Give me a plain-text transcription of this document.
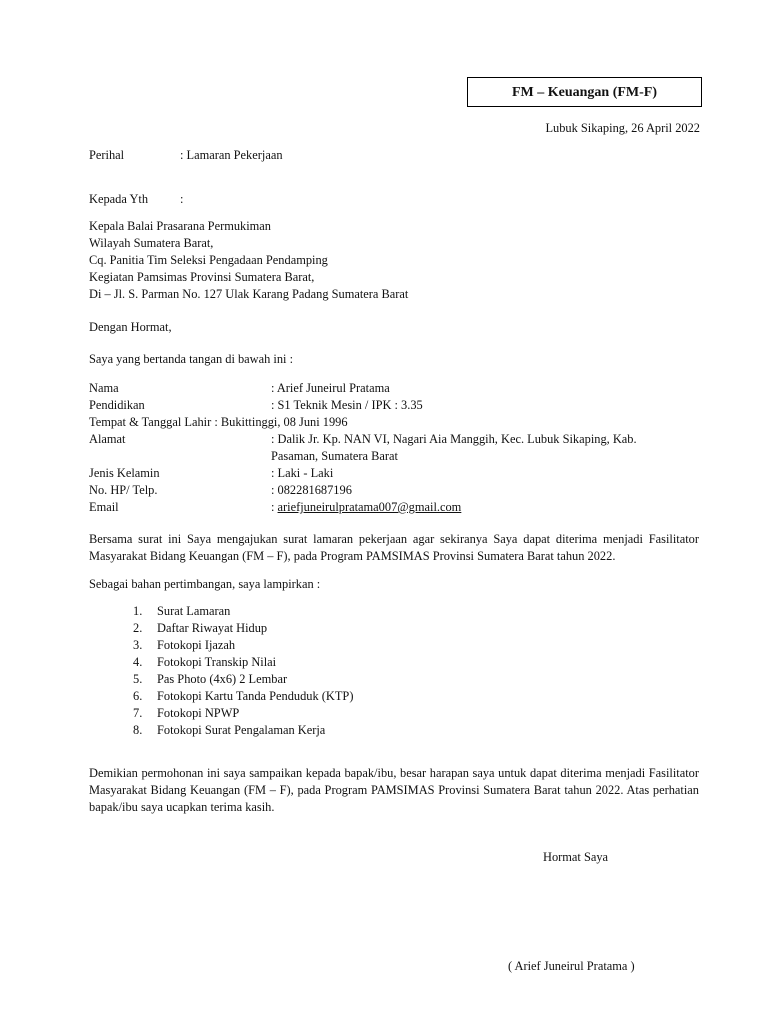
FM – Keuangan (FM-F)
Lubuk Sikaping, 26 April 2022
Perihal	: Lamaran Pekerjaan
Kepada Yth	:
Kepala Balai Prasarana Permukiman
Wilayah Sumatera Barat,
Cq. Panitia Tim Seleksi Pengadaan Pendamping
Kegiatan Pamsimas Provinsi Sumatera Barat,
Di – Jl. S. Parman No. 127 Ulak Karang Padang Sumatera Barat
Dengan Hormat,
Saya yang bertanda tangan di bawah ini :
Nama	: Arief Juneirul Pratama
Pendidikan	: S1 Teknik Mesin / IPK : 3.35
Tempat & Tanggal Lahir : Bukittinggi, 08 Juni 1996
Alamat	: Dalik Jr. Kp. NAN VI, Nagari Aia Manggih, Kec. Lubuk Sikaping, Kab.
Pasaman, Sumatera Barat
Jenis Kelamin	: Laki - Laki
No. HP/ Telp.	: 082281687196
Email	: ariefjuneirulpratama007@gmail.com
Bersama surat ini Saya mengajukan surat lamaran pekerjaan agar sekiranya Saya dapat diterima menjadi Fasilitator Masyarakat Bidang Keuangan (FM – F), pada Program PAMSIMAS Provinsi Sumatera Barat tahun 2022.
Sebagai bahan pertimbangan, saya lampirkan :
1. Surat Lamaran
2. Daftar Riwayat Hidup
3. Fotokopi Ijazah
4. Fotokopi Transkip Nilai
5. Pas Photo (4x6) 2 Lembar
6. Fotokopi Kartu Tanda Penduduk (KTP)
7. Fotokopi NPWP
8. Fotokopi Surat Pengalaman Kerja
Demikian permohonan ini saya sampaikan kepada bapak/ibu, besar harapan saya untuk dapat diterima menjadi Fasilitator Masyarakat Bidang Keuangan (FM – F), pada Program PAMSIMAS Provinsi Sumatera Barat tahun 2022. Atas perhatian bapak/ibu saya ucapkan terima kasih.
Hormat Saya
( Arief Juneirul Pratama )
